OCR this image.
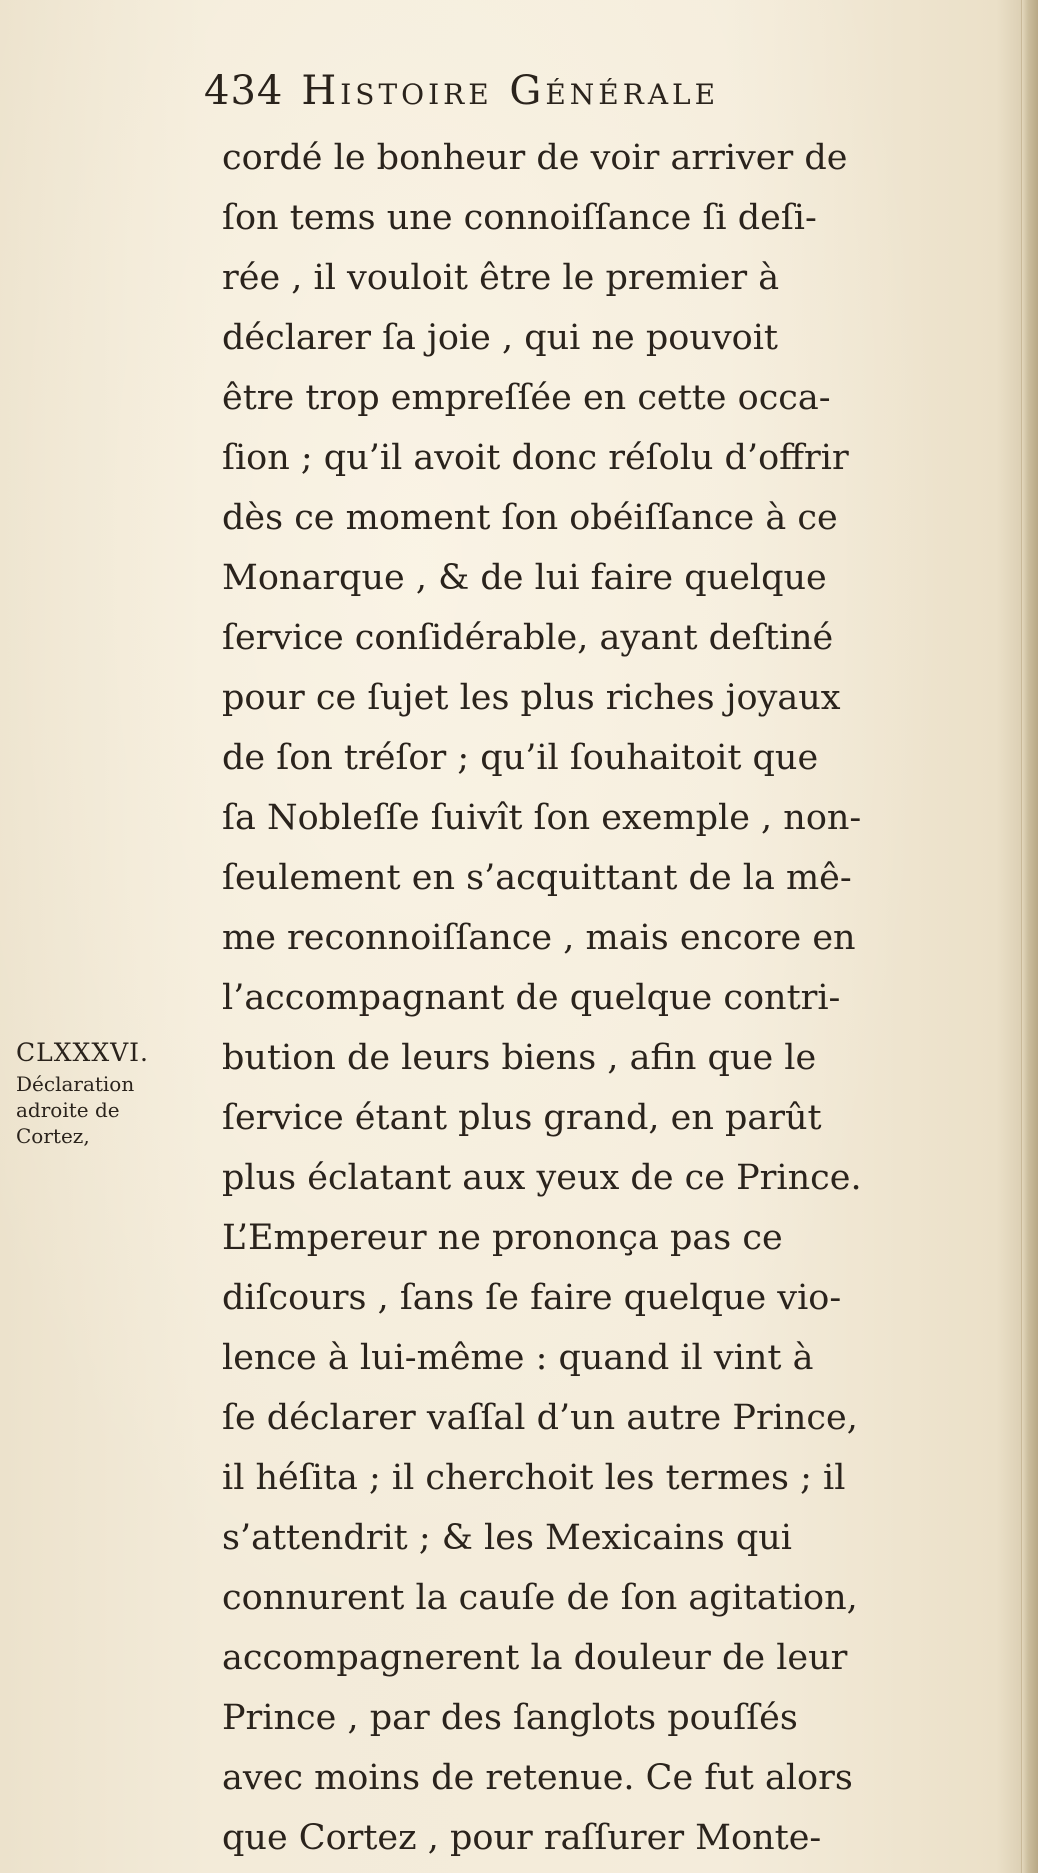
434 Histoire Générale
cordé le bonheur de voir arriver de
ſon tems une connoiſſance ſi deſi-
rée , il vouloit être le premier à
déclarer ſa joie , qui ne pouvoit
être trop empreſſée en cette occa-
ſion ; qu’il avoit donc réſolu d’offrir
dès ce moment ſon obéiſſance à ce
Monarque , & de lui faire quelque
ſervice conſidérable, ayant deſtiné
pour ce ſujet les plus riches joyaux
de ſon tréſor ; qu’il ſouhaitoit que
ſa Nobleſſe ſuivît ſon exemple , non-
ſeulement en s’acquittant de la mê-
me reconnoiſſance , mais encore en
l’accompagnant de quelque contri-
bution de leurs biens , afin que le
ſervice étant plus grand, en parût
plus éclatant aux yeux de ce Prince.
L’Empereur ne prononça pas ce
diſcours , ſans ſe faire quelque vio-
lence à lui-même : quand il vint à
ſe déclarer vaſſal d’un autre Prince,
il héſita ; il cherchoit les termes ; il
s’attendrit ; & les Mexicains qui
connurent la cauſe de ſon agitation,
accompagnerent la douleur de leur
Prince , par des ſanglots pouſſés
avec moins de retenue. Ce fut alors
que Cortez , pour raſſurer Monte-
CLXXXVI.
Déclaration
adroite de
Cortez,
